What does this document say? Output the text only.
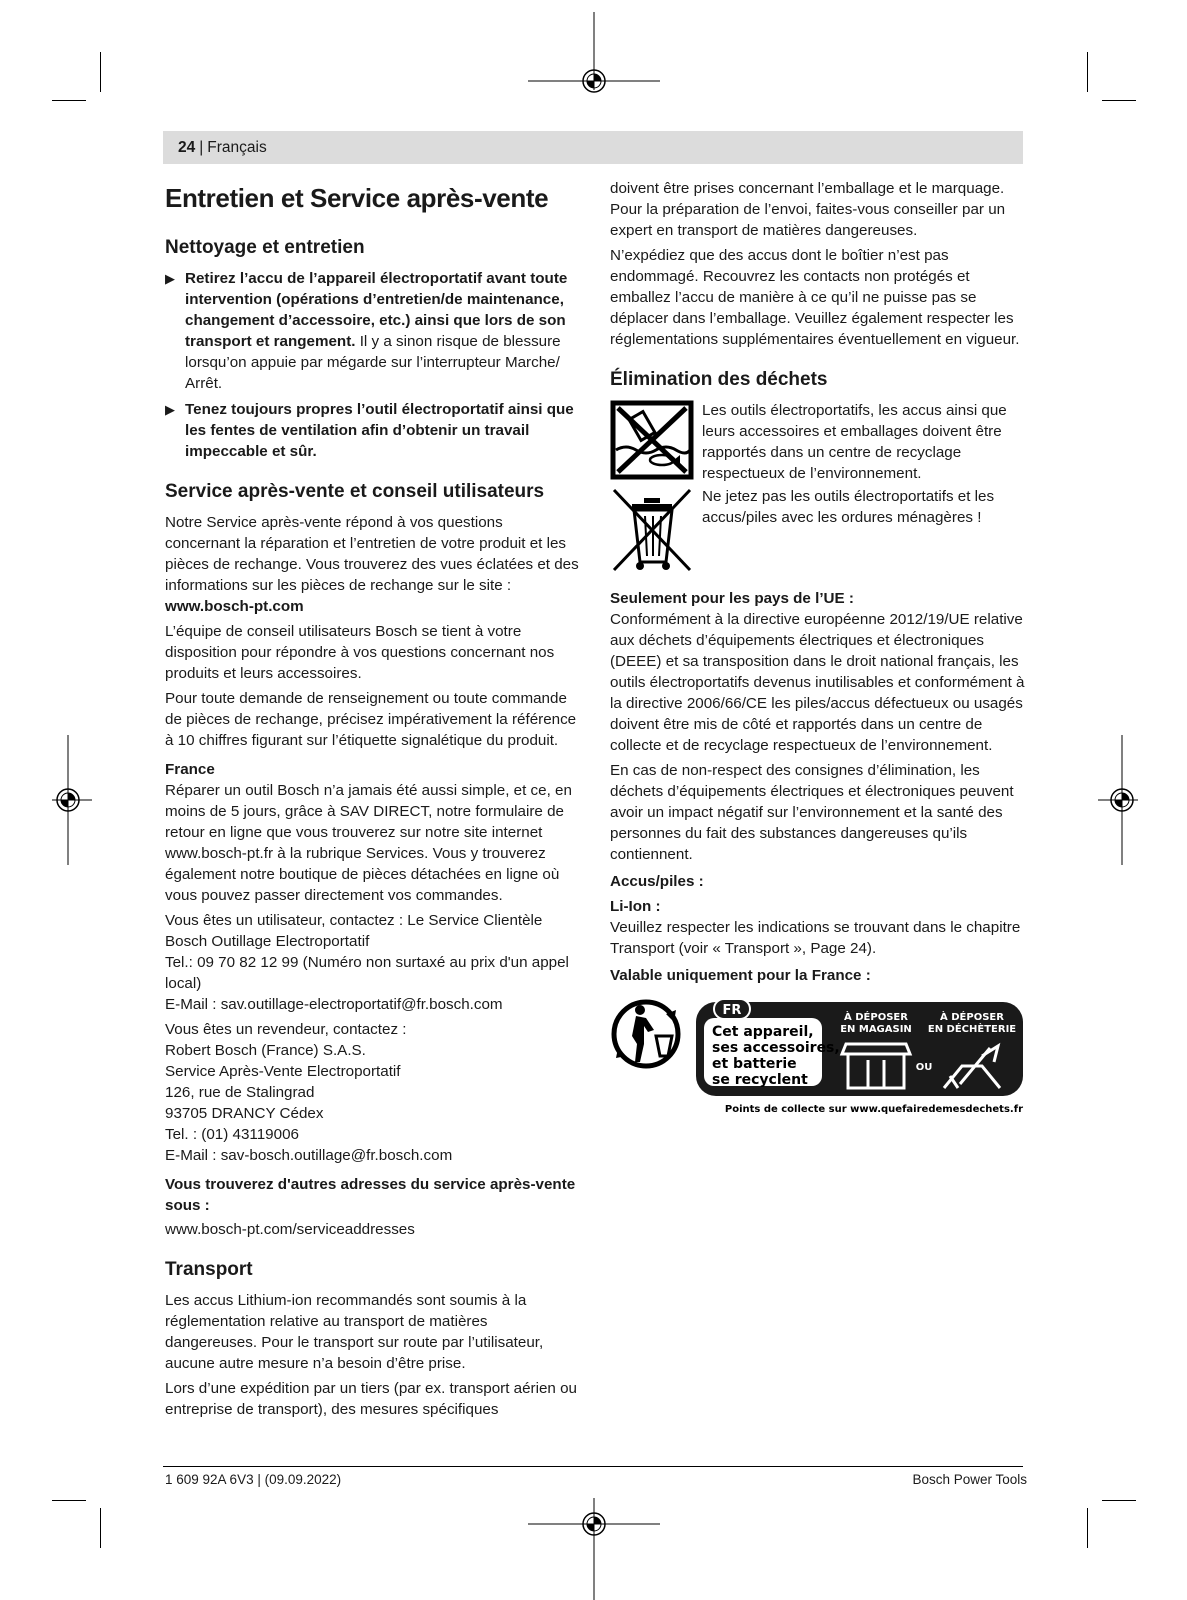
24 | Français
Entretien et Service après-vente
Nettoyage et entretien
▶ Retirez l’accu de l’appareil électroportatif avant toute intervention (opérations d’entretien/de maintenance, changement d’accessoire, etc.) ainsi que lors de son transport et rangement. Il y a sinon risque de blessure lorsqu’on appuie par mégarde sur l’interrupteur Marche/ Arrêt.
▶ Tenez toujours propres l’outil électroportatif ainsi que les fentes de ventilation afin d’obtenir un travail impeccable et sûr.
Service après-vente et conseil utilisateurs

Notre Service après-vente répond à vos questions concernant la réparation et l’entretien de votre produit et les pièces de rechange. Vous trouverez des vues éclatées et des informations sur les pièces de rechange sur le site :

www.bosch-pt.com

L’équipe de conseil utilisateurs Bosch se tient à votre disposition pour répondre à vos questions concernant nos produits et leurs accessoires.

Pour toute demande de renseignement ou toute commande de pièces de rechange, précisez impérativement la référence à 10 chiffres figurant sur l’étiquette signalétique du produit.

France

Réparer un outil Bosch n’a jamais été aussi simple, et ce, en moins de 5 jours, grâce à SAV DIRECT, notre formulaire de retour en ligne que vous trouverez sur notre site internet www.bosch-pt.fr à la rubrique Services. Vous y trouverez également notre boutique de pièces détachées en ligne où vous pouvez passer directement vos commandes.

Vous êtes un utilisateur, contactez : Le Service Clientèle Bosch Outillage Electroportatif
Tel.: 09 70 82 12 99 (Numéro non surtaxé au prix d'un appel local)
E-Mail : sav.outillage-electroportatif@fr.bosch.com

Vous êtes un revendeur, contactez :
Robert Bosch (France) S.A.S.
Service Après-Vente Electroportatif
126, rue de Stalingrad
93705 DRANCY Cédex
Tel. : (01) 43119006
E-Mail : sav-bosch.outillage@fr.bosch.com

Vous trouverez d'autres adresses du service après-vente sous :

www.bosch-pt.com/serviceaddresses

Transport

Les accus Lithium-ion recommandés sont soumis à la réglementation relative au transport de matières dangereuses. Pour le transport sur route par l’utilisateur, aucune autre mesure n’a besoin d’être prise.

Lors d’une expédition par un tiers (par ex. transport aérien ou entreprise de transport), des mesures spécifiques

doivent être prises concernant l’emballage et le marquage. Pour la préparation de l’envoi, faites-vous conseiller par un expert en transport de matières dangereuses.

N’expédiez que des accus dont le boîtier n’est pas endommagé. Recouvrez les contacts non protégés et emballez l’accu de manière à ce qu’il ne puisse pas se déplacer dans l’emballage. Veuillez également respecter les réglementations supplémentaires éventuellement en vigueur.

Élimination des déchets
Les outils électroportatifs, les accus ainsi que leurs accessoires et emballages doivent être rapportés dans un centre de recyclage respectueux de l’environnement.
Ne jetez pas les outils électroportatifs et les accus/piles avec les ordures ménagères !
Seulement pour les pays de l’UE :

Conformément à la directive européenne 2012/19/UE relative aux déchets d’équipements électriques et électroniques (DEEE) et sa transposition dans le droit national français, les outils électroportatifs devenus inutilisables et conformément à la directive 2006/66/CE les piles/accus défectueux ou usagés doivent être mis de côté et rapportés dans un centre de collecte et de recyclage respectueux de l’environnement.

En cas de non-respect des consignes d’élimination, les déchets d’équipements électriques et électroniques peuvent avoir un impact négatif sur l’environnement et la santé des personnes du fait des substances dangereuses qu’ils contiennent.

Accus/piles :
Li-Ion :

Veuillez respecter les indications se trouvant dans le chapitre Transport (voir « Transport », Page 24).

Valable uniquement pour la France :
FR
Cet appareil,
ses accessoires,
et batterie
se recyclent
À DÉPOSER
EN MAGASIN
À DÉPOSER
EN DÉCHÈTERIE
OU
Points de collecte sur www.quefairedemesdechets.fr
1 609 92A 6V3 | (09.09.2022)	Bosch Power Tools
